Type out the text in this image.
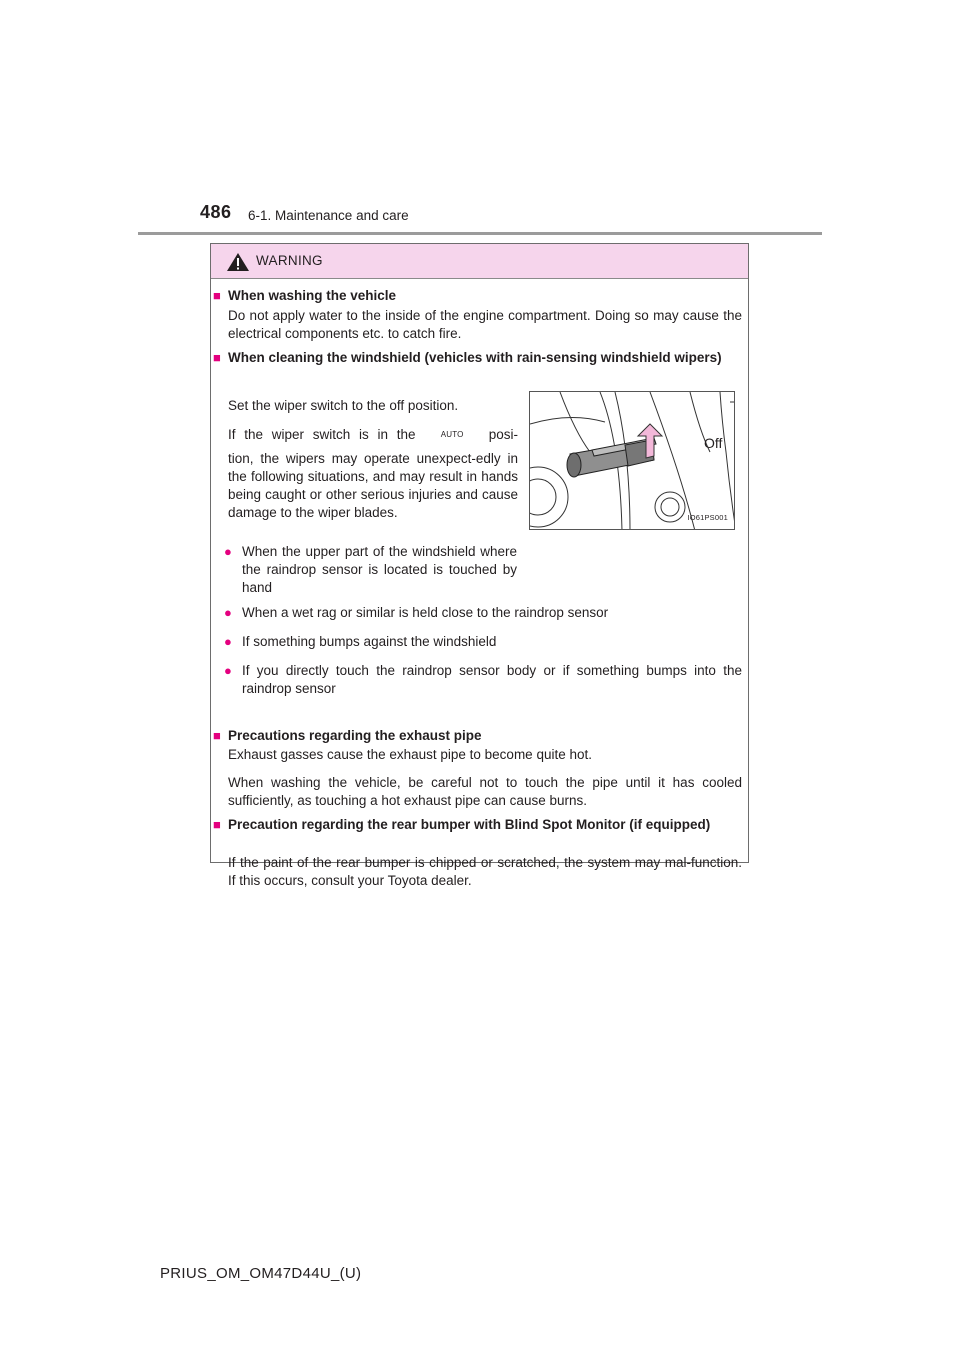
486 6-1. Maintenance and care
WARNING
■ When washing the vehicle
Do not apply water to the inside of the engine compartment. Doing so may cause the electrical components etc. to catch fire.
■ When cleaning the windshield (vehicles with rain-sensing windshield wipers)
Set the wiper switch to the off position.
If the wiper switch is in the	AUTO posi-
tion, the wipers may operate unexpect-edly in the following situations, and may result in hands being caught or other serious injuries and cause damage to the wiper blades.
● When the upper part of the windshield where the raindrop sensor is located is touched by hand
● When a wet rag or similar is held close to the raindrop sensor
● If something bumps against the windshield
● If you directly touch the raindrop sensor body or if something bumps into the raindrop sensor
Off
IO61PS001
■ Precautions regarding the exhaust pipe
Exhaust gasses cause the exhaust pipe to become quite hot.
When washing the vehicle, be careful not to touch the pipe until it has cooled sufficiently, as touching a hot exhaust pipe can cause burns.
■ Precaution regarding the rear bumper with Blind Spot Monitor (if equipped)
If the paint of the rear bumper is chipped or scratched, the system may mal-function. If this occurs, consult your Toyota dealer.
PRIUS_OM_OM47D44U_(U)
